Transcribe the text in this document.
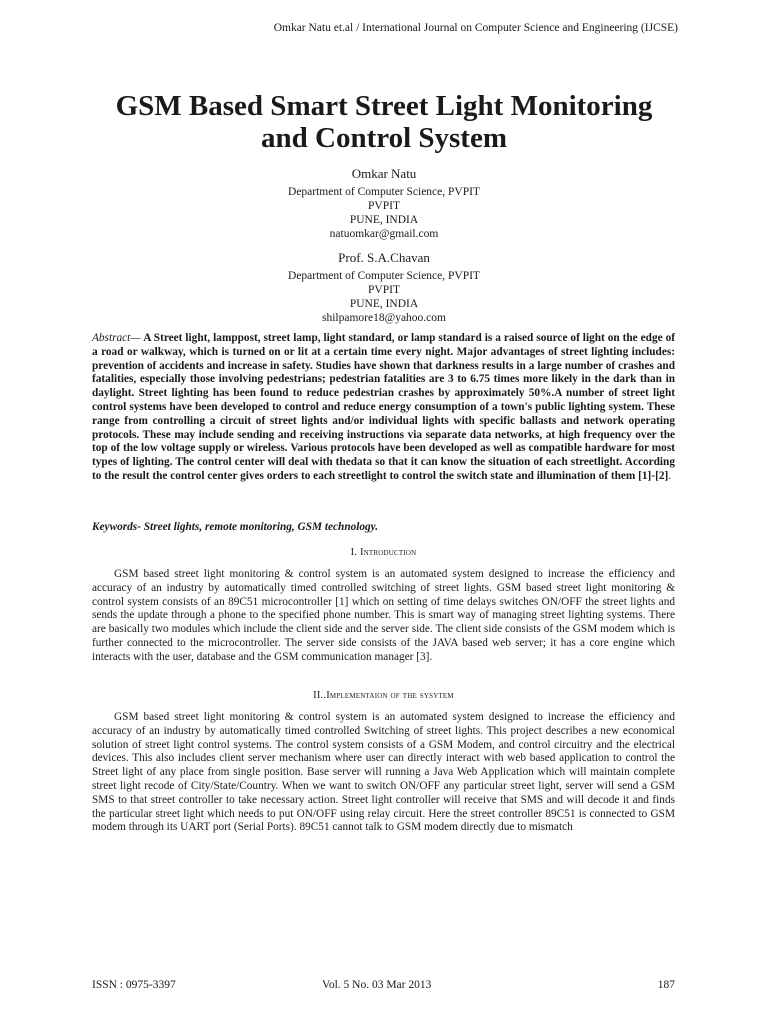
Omkar Natu et.al / International Journal on Computer Science and Engineering (IJCSE)
GSM Based Smart Street Light Monitoring
and Control System
Omkar Natu
Department of Computer Science, PVPIT
PVPIT
PUNE, INDIA
natuomkar@gmail.com
Prof. S.A.Chavan
Department of Computer Science, PVPIT
PVPIT
PUNE, INDIA
shilpamore18@yahoo.com
Abstract— A Street light, lamppost, street lamp, light standard, or lamp standard is a raised source of light on the edge of a road or walkway, which is turned on or lit at a certain time every night. Major advantages of street lighting includes: prevention of accidents and increase in safety. Studies have shown that darkness results in a large number of crashes and fatalities, especially those involving pedestrians; pedestrian fatalities are 3 to 6.75 times more likely in the dark than in daylight. Street lighting has been found to reduce pedestrian crashes by approximately 50%.A number of street light control systems have been developed to control and reduce energy consumption of a town's public lighting system. These range from controlling a circuit of street lights and/or individual lights with specific ballasts and network operating protocols. These may include sending and receiving instructions via separate data networks, at high frequency over the top of the low voltage supply or wireless. Various protocols have been developed as well as compatible hardware for most types of lighting. The control center will deal with thedata so that it can know the situation of each streetlight. According to the result the control center gives orders to each streetlight to control the switch state and illumination of them [1]-[2].
Keywords- Street lights, remote monitoring, GSM technology.
I. Introduction
GSM based street light monitoring & control system is an automated system designed to increase the efficiency and accuracy of an industry by automatically timed controlled switching of street lights. GSM based street light monitoring & control system consists of an 89C51 microcontroller [1] which on setting of time delays switches ON/OFF the street lights and sends the update through a phone to the specified phone number. This is smart way of managing street lighting systems. There are basically two modules which include the client side and the server side. The client side consists of the GSM modem which is further connected to the microcontroller. The server side consists of the JAVA based web server; it has a core engine which interacts with the user, database and the GSM communication manager [3].
II..Implementaion of the sysytem
GSM based street light monitoring & control system is an automated system designed to increase the efficiency and accuracy of an industry by automatically timed controlled Switching of street lights. This project describes a new economical solution of street light control systems. The control system consists of a GSM Modem, and control circuitry and the electrical devices. This also includes client server mechanism where user can directly interact with web based application to control the Street light of any place from single position. Base server will running a Java Web Application which will maintain complete street light recode of City/State/Country. When we want to switch ON/OFF any particular street light, server will send a GSM SMS to that street controller to take necessary action. Street light controller will receive that SMS and will decode it and finds the particular street light which needs to put ON/OFF using relay circuit. Here the street controller 89C51 is connected to GSM modem through its UART port (Serial Ports). 89C51 cannot talk to GSM modem directly due to mismatch
ISSN : 0975-3397	Vol. 5 No. 03 Mar 2013	187
